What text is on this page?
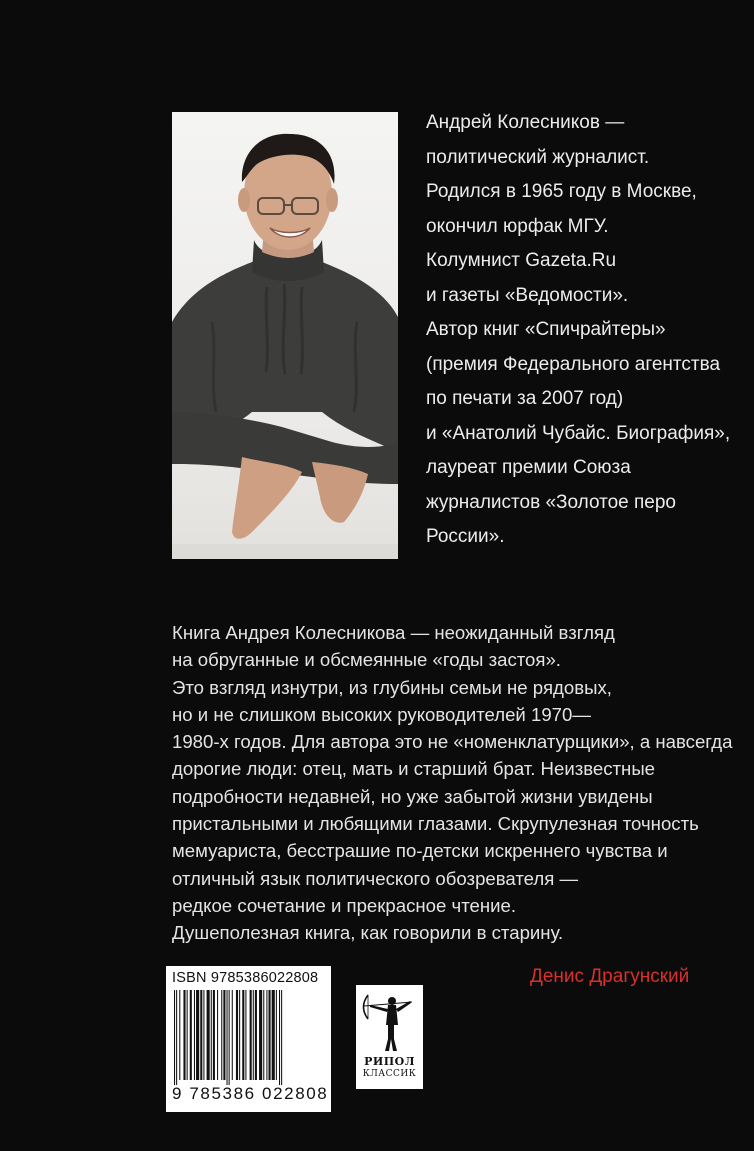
Андрей Колесников —
политический журналист.
Родился в 1965 году в Москве,
окончил юрфак МГУ.
Колумнист Gazeta.Ru
и газеты «Ведомости».
Автор книг «Спичрайтеры»
(премия Федерального агентства
по печати за 2007 год)
и «Анатолий Чубайс. Биография»,
лауреат премии Союза
журналистов «Золотое перо
России».
Книга Андрея Колесникова — неожиданный взгляд
на обруганные и обсмеянные «годы застоя».
Это взгляд изнутри, из глубины семьи не рядовых,
но и не слишком высоких руководителей 1970—
1980-х годов. Для автора это не «номенклатурщики», а навсегда
дорогие люди: отец, мать и старший брат. Неизвестные
подробности недавней, но уже забытой жизни увидены
пристальными и любящими глазами. Скрупулезная точность
мемуариста, бесстрашие по-детски искреннего чувства и
отличный язык политического обозревателя —
редкое сочетание и прекрасное чтение.
Душеполезная книга, как говорили в старину.
Денис Драгунский
ISBN 9785386022808
9 785386 022808
РИПОЛ
КЛАССИК
